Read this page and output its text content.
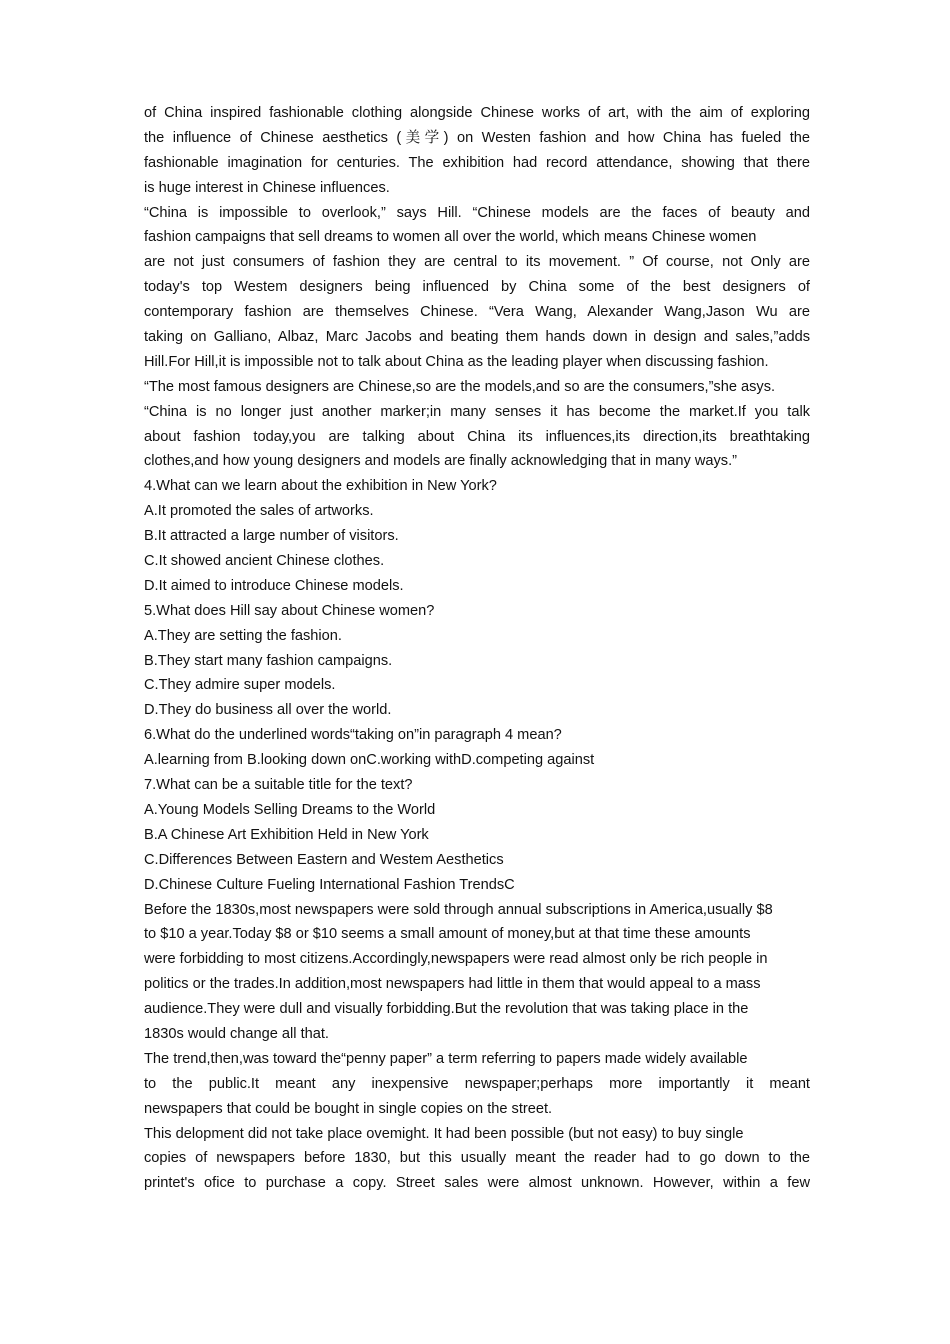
of China inspired fashionable clothing alongside Chinese works of art, with the aim of exploring
the influence of Chinese aesthetics (美学) on Westen fashion and how China has fueled the
fashionable imagination for centuries. The exhibition had record attendance, showing that there
is huge interest in Chinese influences.
“China is impossible to overlook,” says Hill. “Chinese models are the faces of beauty and
fashion campaigns that sell dreams to women all over the world, which means Chinese women
are not just consumers of fashion they are central to its movement. ” Of course, not Only are
today's top Westem designers being influenced by China some of the best designers of
contemporary fashion are themselves Chinese. “Vera Wang, Alexander Wang,Jason Wu are
taking on Galliano, Albaz, Marc Jacobs and beating them hands down in design and sales,”adds
Hill.For Hill,it is impossible not to talk about China as the leading player when discussing fashion.
“The most famous designers are Chinese,so are the models,and so are the consumers,”she asys.
“China is no longer just another marker;in many senses it has become the market.If you talk
about fashion today,you are talking about China its influences,its direction,its breathtaking
clothes,and how young designers and models are finally acknowledging that in many ways.”
4.What can we learn about the exhibition in New York?
A.It promoted the sales of artworks.
B.It attracted a large number of visitors.
C.It showed ancient Chinese clothes.
D.It aimed to introduce Chinese models.
5.What does Hill say about Chinese women?
A.They are setting the fashion.
B.They start many fashion campaigns.
C.They admire super models.
D.They do business all over the world.
6.What do the underlined words“taking on”in paragraph 4 mean?
A.learning from B.looking down onC.working withD.competing against
7.What can be a suitable title for the text?
A.Young Models Selling Dreams to the World
B.A Chinese Art Exhibition Held in New York
C.Differences Between Eastern and Westem Aesthetics
D.Chinese Culture Fueling International Fashion TrendsC
Before the 1830s,most newspapers were sold through annual subscriptions in America,usually $8
to $10 a year.Today $8 or $10 seems a small amount of money,but at that time these amounts
were forbidding to most citizens.Accordingly,newspapers were read almost only be rich people in
politics or the trades.In addition,most newspapers had little in them that would appeal to a mass
audience.They were dull and visually forbidding.But the revolution that was taking place in the
1830s would change all that.
The trend,then,was toward the“penny paper” a term referring to papers made widely available
to the public.It meant any inexpensive newspaper;perhaps more importantly it meant
newspapers that could be bought in single copies on the street.
This delopment did not take place ovemight. It had been possible (but not easy) to buy single
copies of newspapers before 1830, but this usually meant the reader had to go down to the
printet's ofice to purchase a copy. Street sales were almost unknown. However, within a few
